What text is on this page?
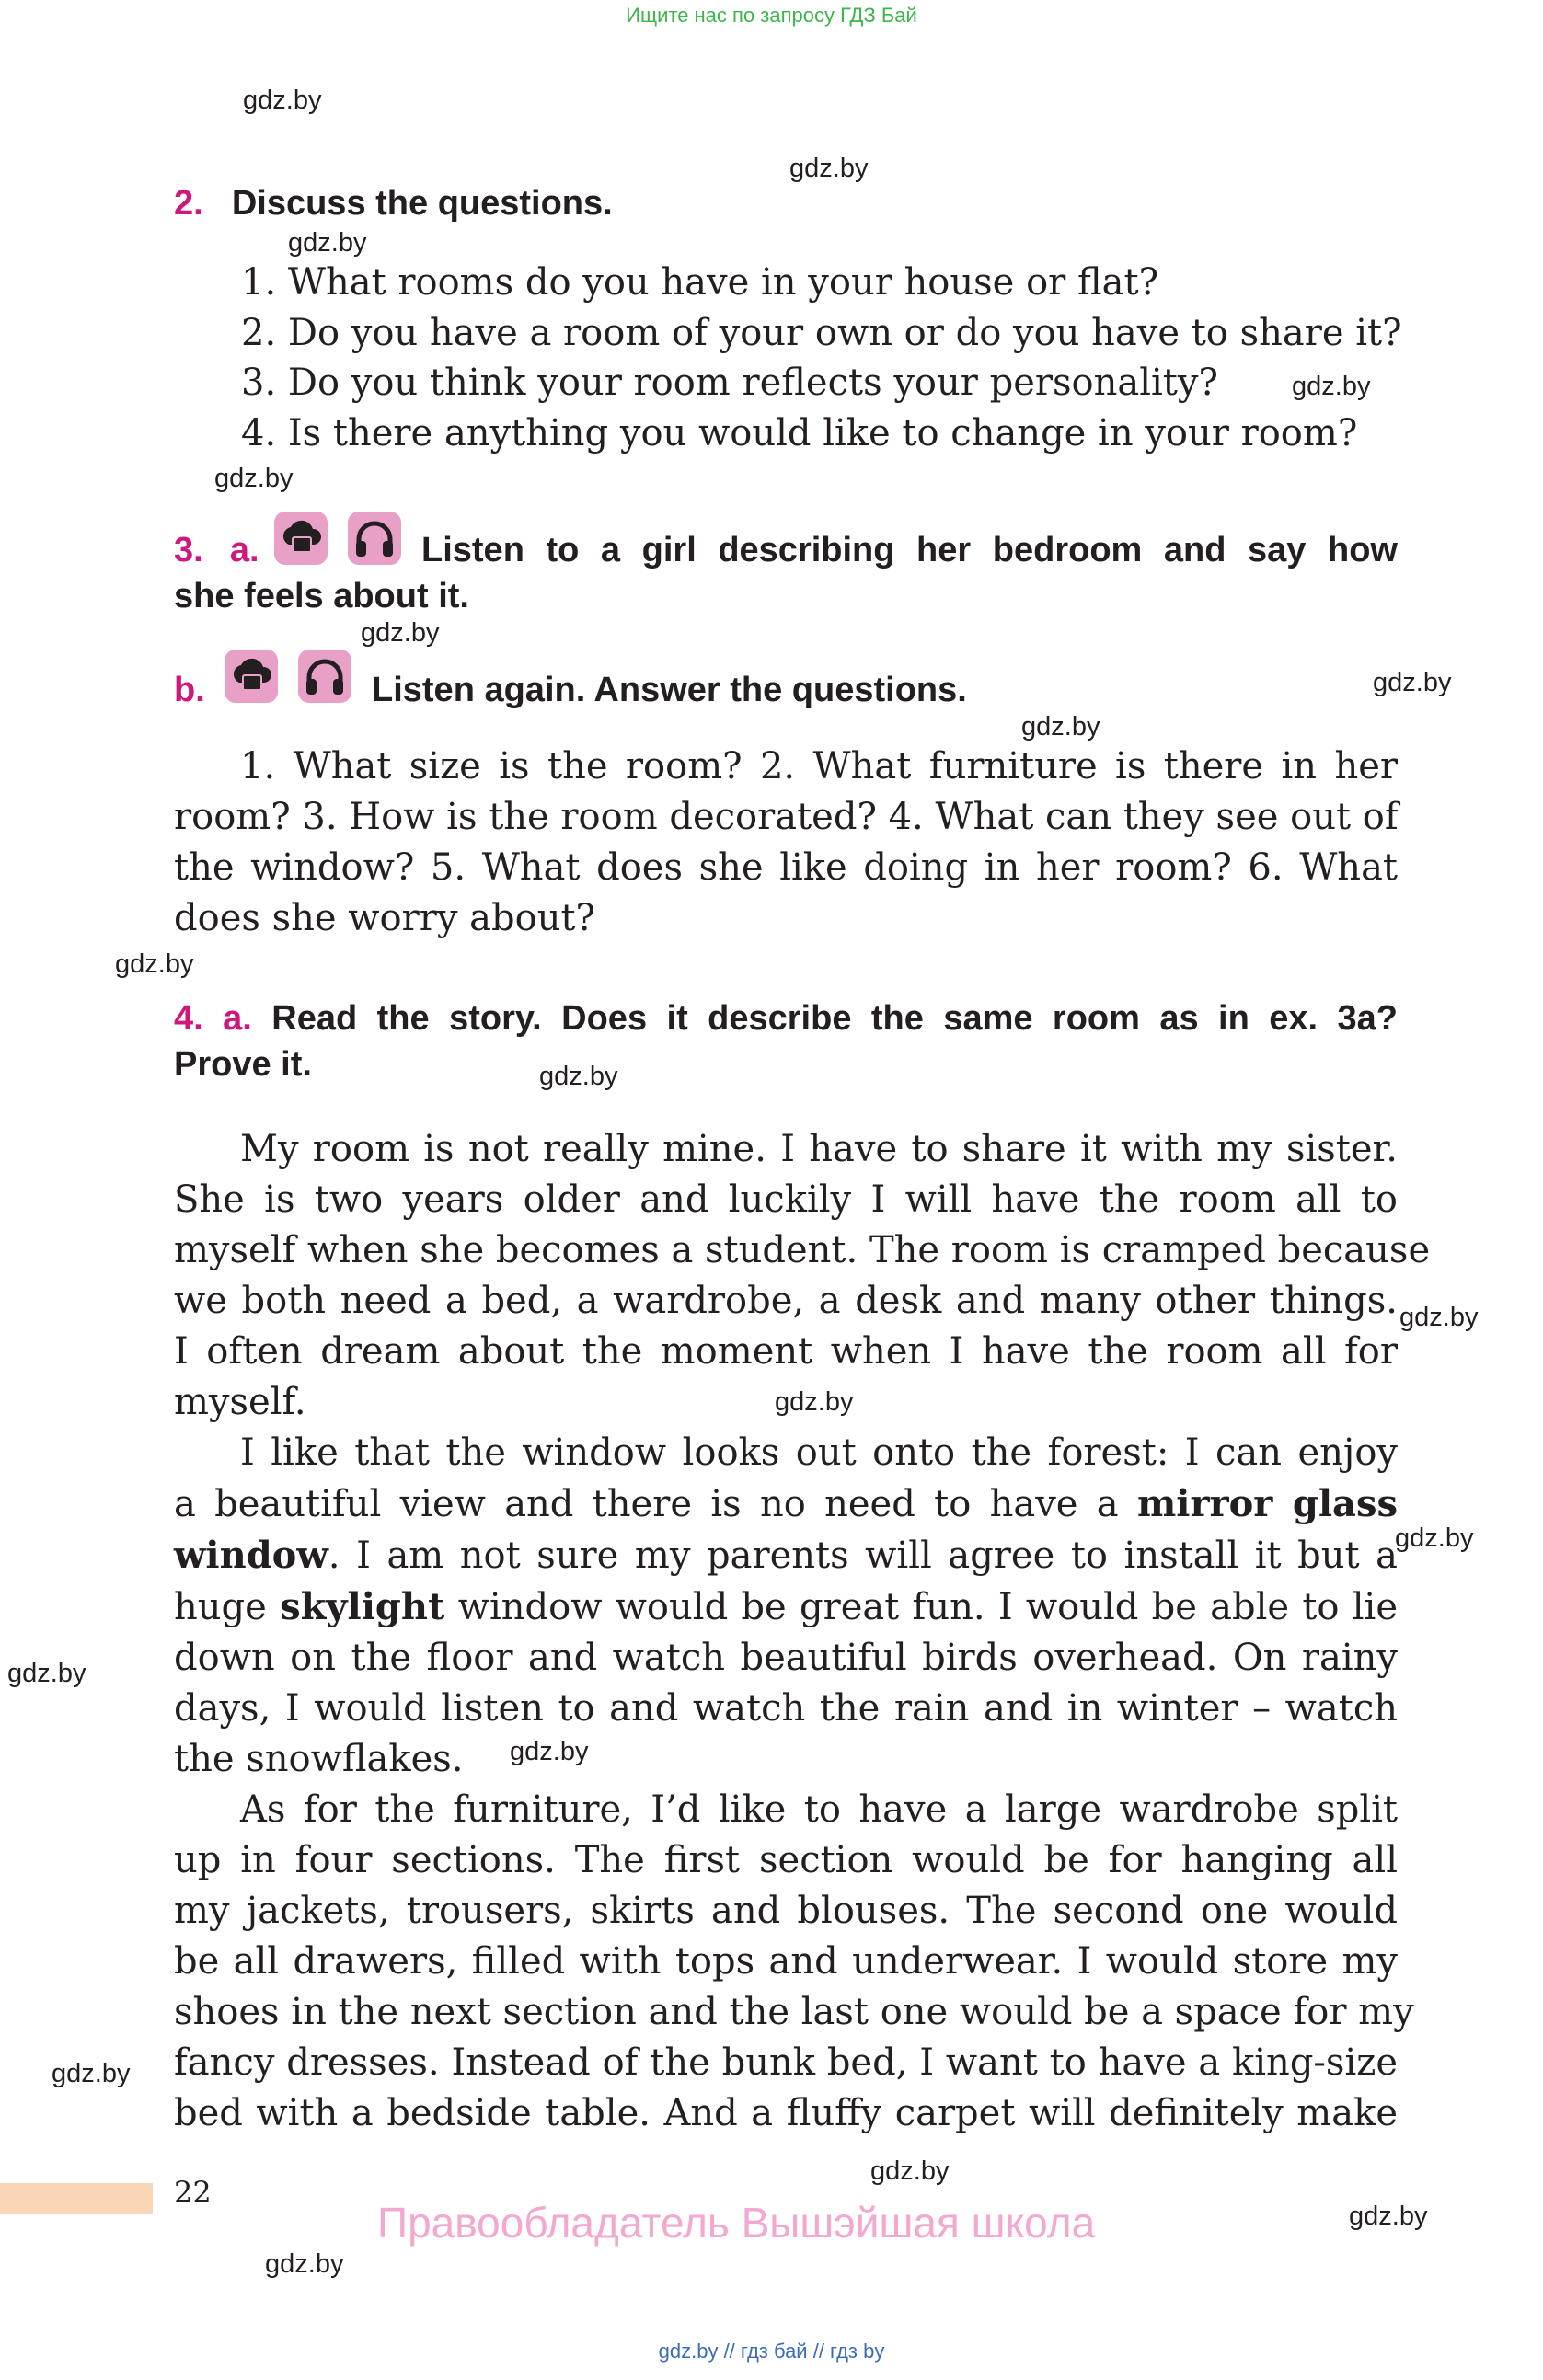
Ищите нас по запросу ГДЗ Бай
gdz.by
gdz.by
gdz.by
gdz.by
gdz.by
gdz.by
gdz.by
gdz.by
gdz.by
gdz.by
gdz.by
gdz.by
gdz.by
gdz.by
gdz.by
gdz.by
gdz.by
gdz.by
gdz.by
2. Discuss the questions.
1. What rooms do you have in your house or flat?
2. Do you have a room of your own or do you have to share it?
3. Do you think your room reflects your personality?
4. Is there anything you would like to change in your room?
3. a.	Listen to a girl describing her bedroom and say how
she feels about it.
b.	Listen again. Answer the questions.
1. What size is the room? 2. What furniture is there in her
room? 3. How is the room decorated? 4. What can they see out of
the window? 5. What does she like doing in her room? 6. What
does she worry about?
4. a. Read the story. Does it describe the same room as in ex. 3a?
Prove it.
My room is not really mine. I have to share it with my sister.
She is two years older and luckily I will have the room all to
myself when she becomes a student. The room is cramped because
we both need a bed, a wardrobe, a desk and many other things.
I often dream about the moment when I have the room all for
myself.
I like that the window looks out onto the forest: I can enjoy
a beautiful view and there is no need to have a mirror glass
window. I am not sure my parents will agree to install it but a
huge skylight window would be great fun. I would be able to lie
down on the floor and watch beautiful birds overhead. On rainy
days, I would listen to and watch the rain and in winter – watch
the snowflakes.
As for the furniture, I’d like to have a large wardrobe split
up in four sections. The first section would be for hanging all
my jackets, trousers, skirts and blouses. The second one would
be all drawers, filled with tops and underwear. I would store my
shoes in the next section and the last one would be a space for my
fancy dresses. Instead of the bunk bed, I want to have a king-size
bed with a bedside table. And a fluffy carpet will definitely make
22
Правообладатель Вышэйшая школа
gdz.by // гдз бай // гдз by
